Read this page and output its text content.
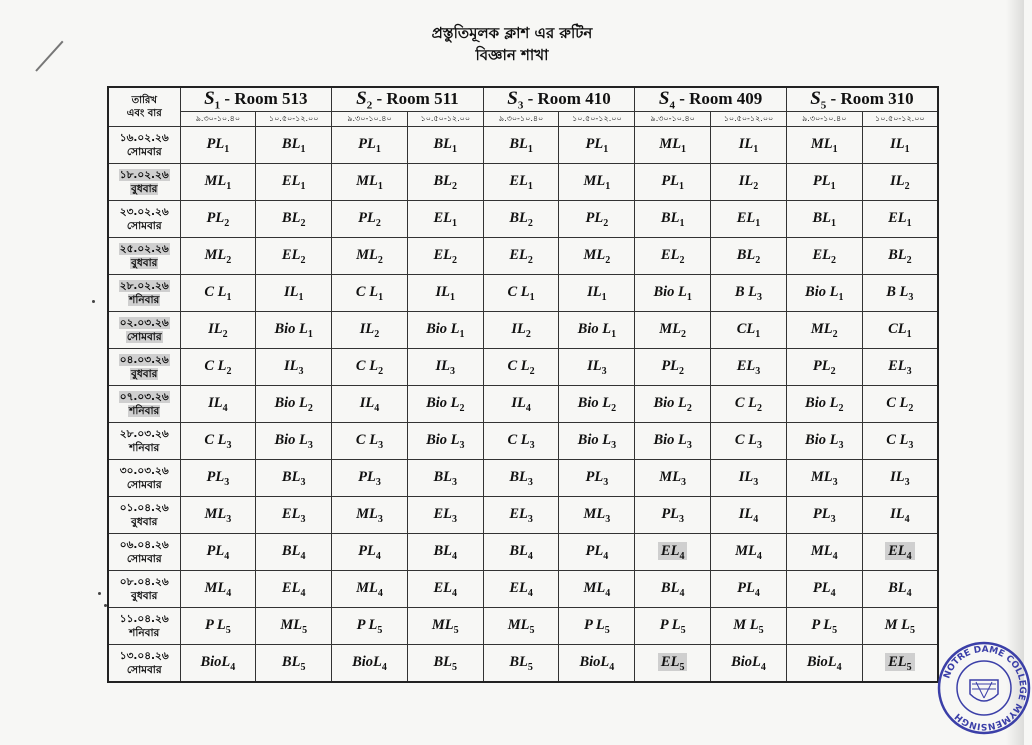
প্রস্তুতিমূলক ক্লাশ এর রুটিন
বিজ্ঞান শাখা
তারিখ
এবং বার	$S_1$ - Room 513		$S_2$ - Room 511		$S_3$ - Room 410		$S_4$ - Room 409		$S_5$ - Room 310	
	৯.৩০-১০.৪০	১০.৫০-১২.০০	৯.৩০-১০.৪০	১০.৫০-১২.০০	৯.৩০-১০.৪০	১০.৫০-১২.০০	৯.৩০-১০.৪০	১০.৫০-১২.০০	৯.৩০-১০.৪০	১০.৫০-১২.০০

১৬.০২.২৬
সোমবার	$PL_1$	$BL_1$	$PL_1$	$BL_1$	$BL_1$	$PL_1$	$ML_1$	$IL_1$	$ML_1$	$IL_1$

১৮.০২.২৬
বুধবার	$ML_1$	$EL_1$	$ML_1$	$BL_2$	$EL_1$	$ML_1$	$PL_1$	$IL_2$	$PL_1$	$IL_2$

২৩.০২.২৬
সোমবার	$PL_2$	$BL_2$	$PL_2$	$EL_1$	$BL_2$	$PL_2$	$BL_1$	$EL_1$	$BL_1$	$EL_1$

২৫.০২.২৬
বুধবার	$ML_2$	$EL_2$	$ML_2$	$EL_2$	$EL_2$	$ML_2$	$EL_2$	$BL_2$	$EL_2$	$BL_2$

২৮.০২.২৬
শনিবার	C $L_1$	$IL_1$	C $L_1$	$IL_1$	C $L_1$	$IL_1$	Bio $L_1$	B $L_3$	Bio $L_1$	B $L_3$

০২.০৩.২৬
সোমবার	$IL_2$	Bio $L_1$	$IL_2$	Bio $L_1$	$IL_2$	Bio $L_1$	$ML_2$	$CL_1$	$ML_2$	$CL_1$

০৪.০৩.২৬
বুধবার	C $L_2$	$IL_3$	C $L_2$	$IL_3$	C $L_2$	$IL_3$	$PL_2$	$EL_3$	$PL_2$	$EL_3$

০৭.০৩.২৬
শনিবার	$IL_4$	Bio $L_2$	$IL_4$	Bio $L_2$	$IL_4$	Bio $L_2$	Bio $L_2$	C $L_2$	Bio $L_2$	C $L_2$

২৮.০৩.২৬
শনিবার	C $L_3$	Bio $L_3$	C $L_3$	Bio $L_3$	C $L_3$	Bio $L_3$	Bio $L_3$	C $L_3$	Bio $L_3$	C $L_3$

৩০.০৩.২৬
সোমবার	$PL_3$	$BL_3$	$PL_3$	$BL_3$	$BL_3$	$PL_3$	$ML_3$	$IL_3$	$ML_3$	$IL_3$

০১.০৪.২৬
বুধবার	$ML_3$	$EL_3$	$ML_3$	$EL_3$	$EL_3$	$ML_3$	$PL_3$	$IL_4$	$PL_3$	$IL_4$

০৬.০৪.২৬
সোমবার	$PL_4$	$BL_4$	$PL_4$	$BL_4$	$BL_4$	$PL_4$	$EL_4$	$ML_4$	$ML_4$	$EL_4$

০৮.০৪.২৬
বুধবার	$ML_4$	$EL_4$	$ML_4$	$EL_4$	$EL_4$	$ML_4$	$BL_4$	$PL_4$	$PL_4$	$BL_4$

১১.০৪.২৬
শনিবার	P $L_5$	$ML_5$	P $L_5$	$ML_5$	$ML_5$	P $L_5$	P $L_5$	M $L_5$	P $L_5$	M $L_5$

১৩.০৪.২৬
সোমবার	BioL$_4$	$BL_5$	BioL$_4$	$BL_5$	$BL_5$	BioL$_4$	$EL_5$	BioL$_4$	BioL$_4$	$EL_5$
NOTRE DAME COLLEGE MYMENSINGH
